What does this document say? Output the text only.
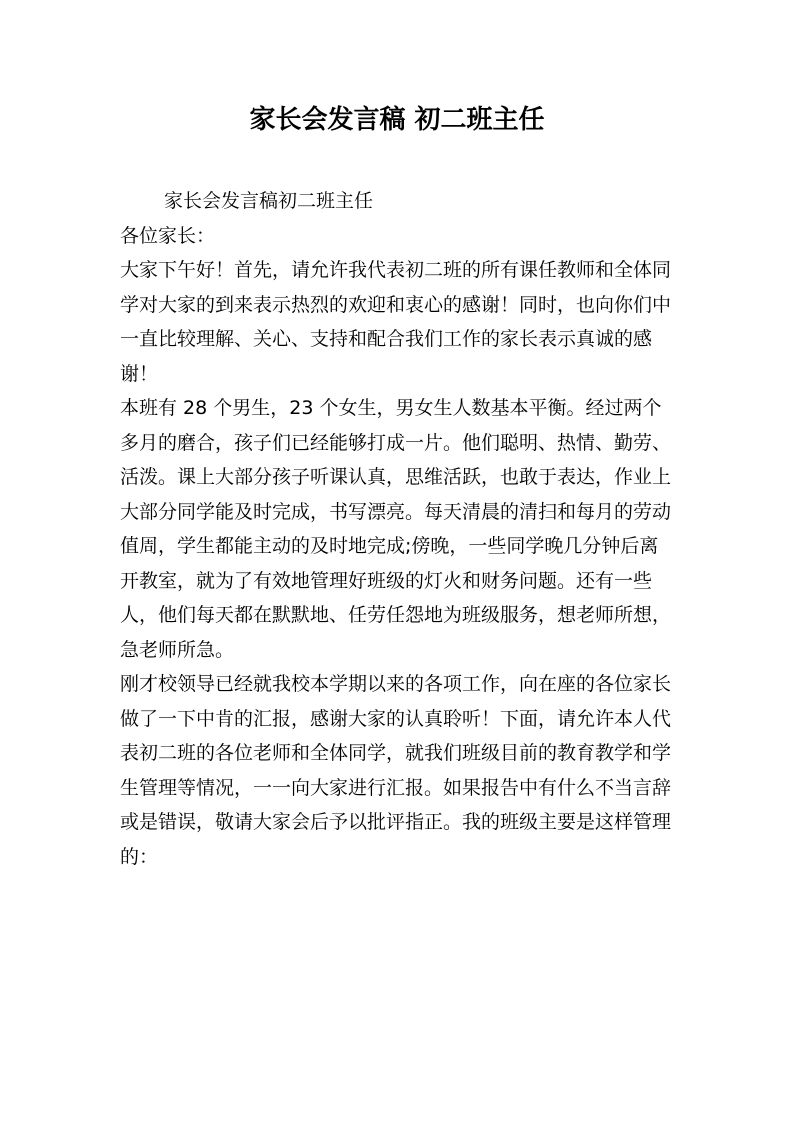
家长会发言稿 初二班主任

家长会发言稿初二班主任

各位家长：

大家下午好！首先，请允许我代表初二班的所有课任教师和全体同学对大家的到来表示热烈的欢迎和衷心的感谢！同时，也向你们中一直比较理解、关心、支持和配合我们工作的家长表示真诚的感谢！

本班有 28 个男生，23 个女生，男女生人数基本平衡。经过两个多月的磨合，孩子们已经能够打成一片。他们聪明、热情、勤劳、活泼。课上大部分孩子听课认真，思维活跃，也敢于表达，作业上大部分同学能及时完成，书写漂亮。每天清晨的清扫和每月的劳动值周，学生都能主动的及时地完成;傍晚，一些同学晚几分钟后离开教室，就为了有效地管理好班级的灯火和财务问题。还有一些人，他们每天都在默默地、任劳任怨地为班级服务，想老师所想，急老师所急。

刚才校领导已经就我校本学期以来的各项工作，向在座的各位家长做了一下中肯的汇报，感谢大家的认真聆听！下面，请允许本人代表初二班的各位老师和全体同学，就我们班级目前的教育教学和学生管理等情况，一一向大家进行汇报。如果报告中有什么不当言辞或是错误，敬请大家会后予以批评指正。我的班级主要是这样管理的：
